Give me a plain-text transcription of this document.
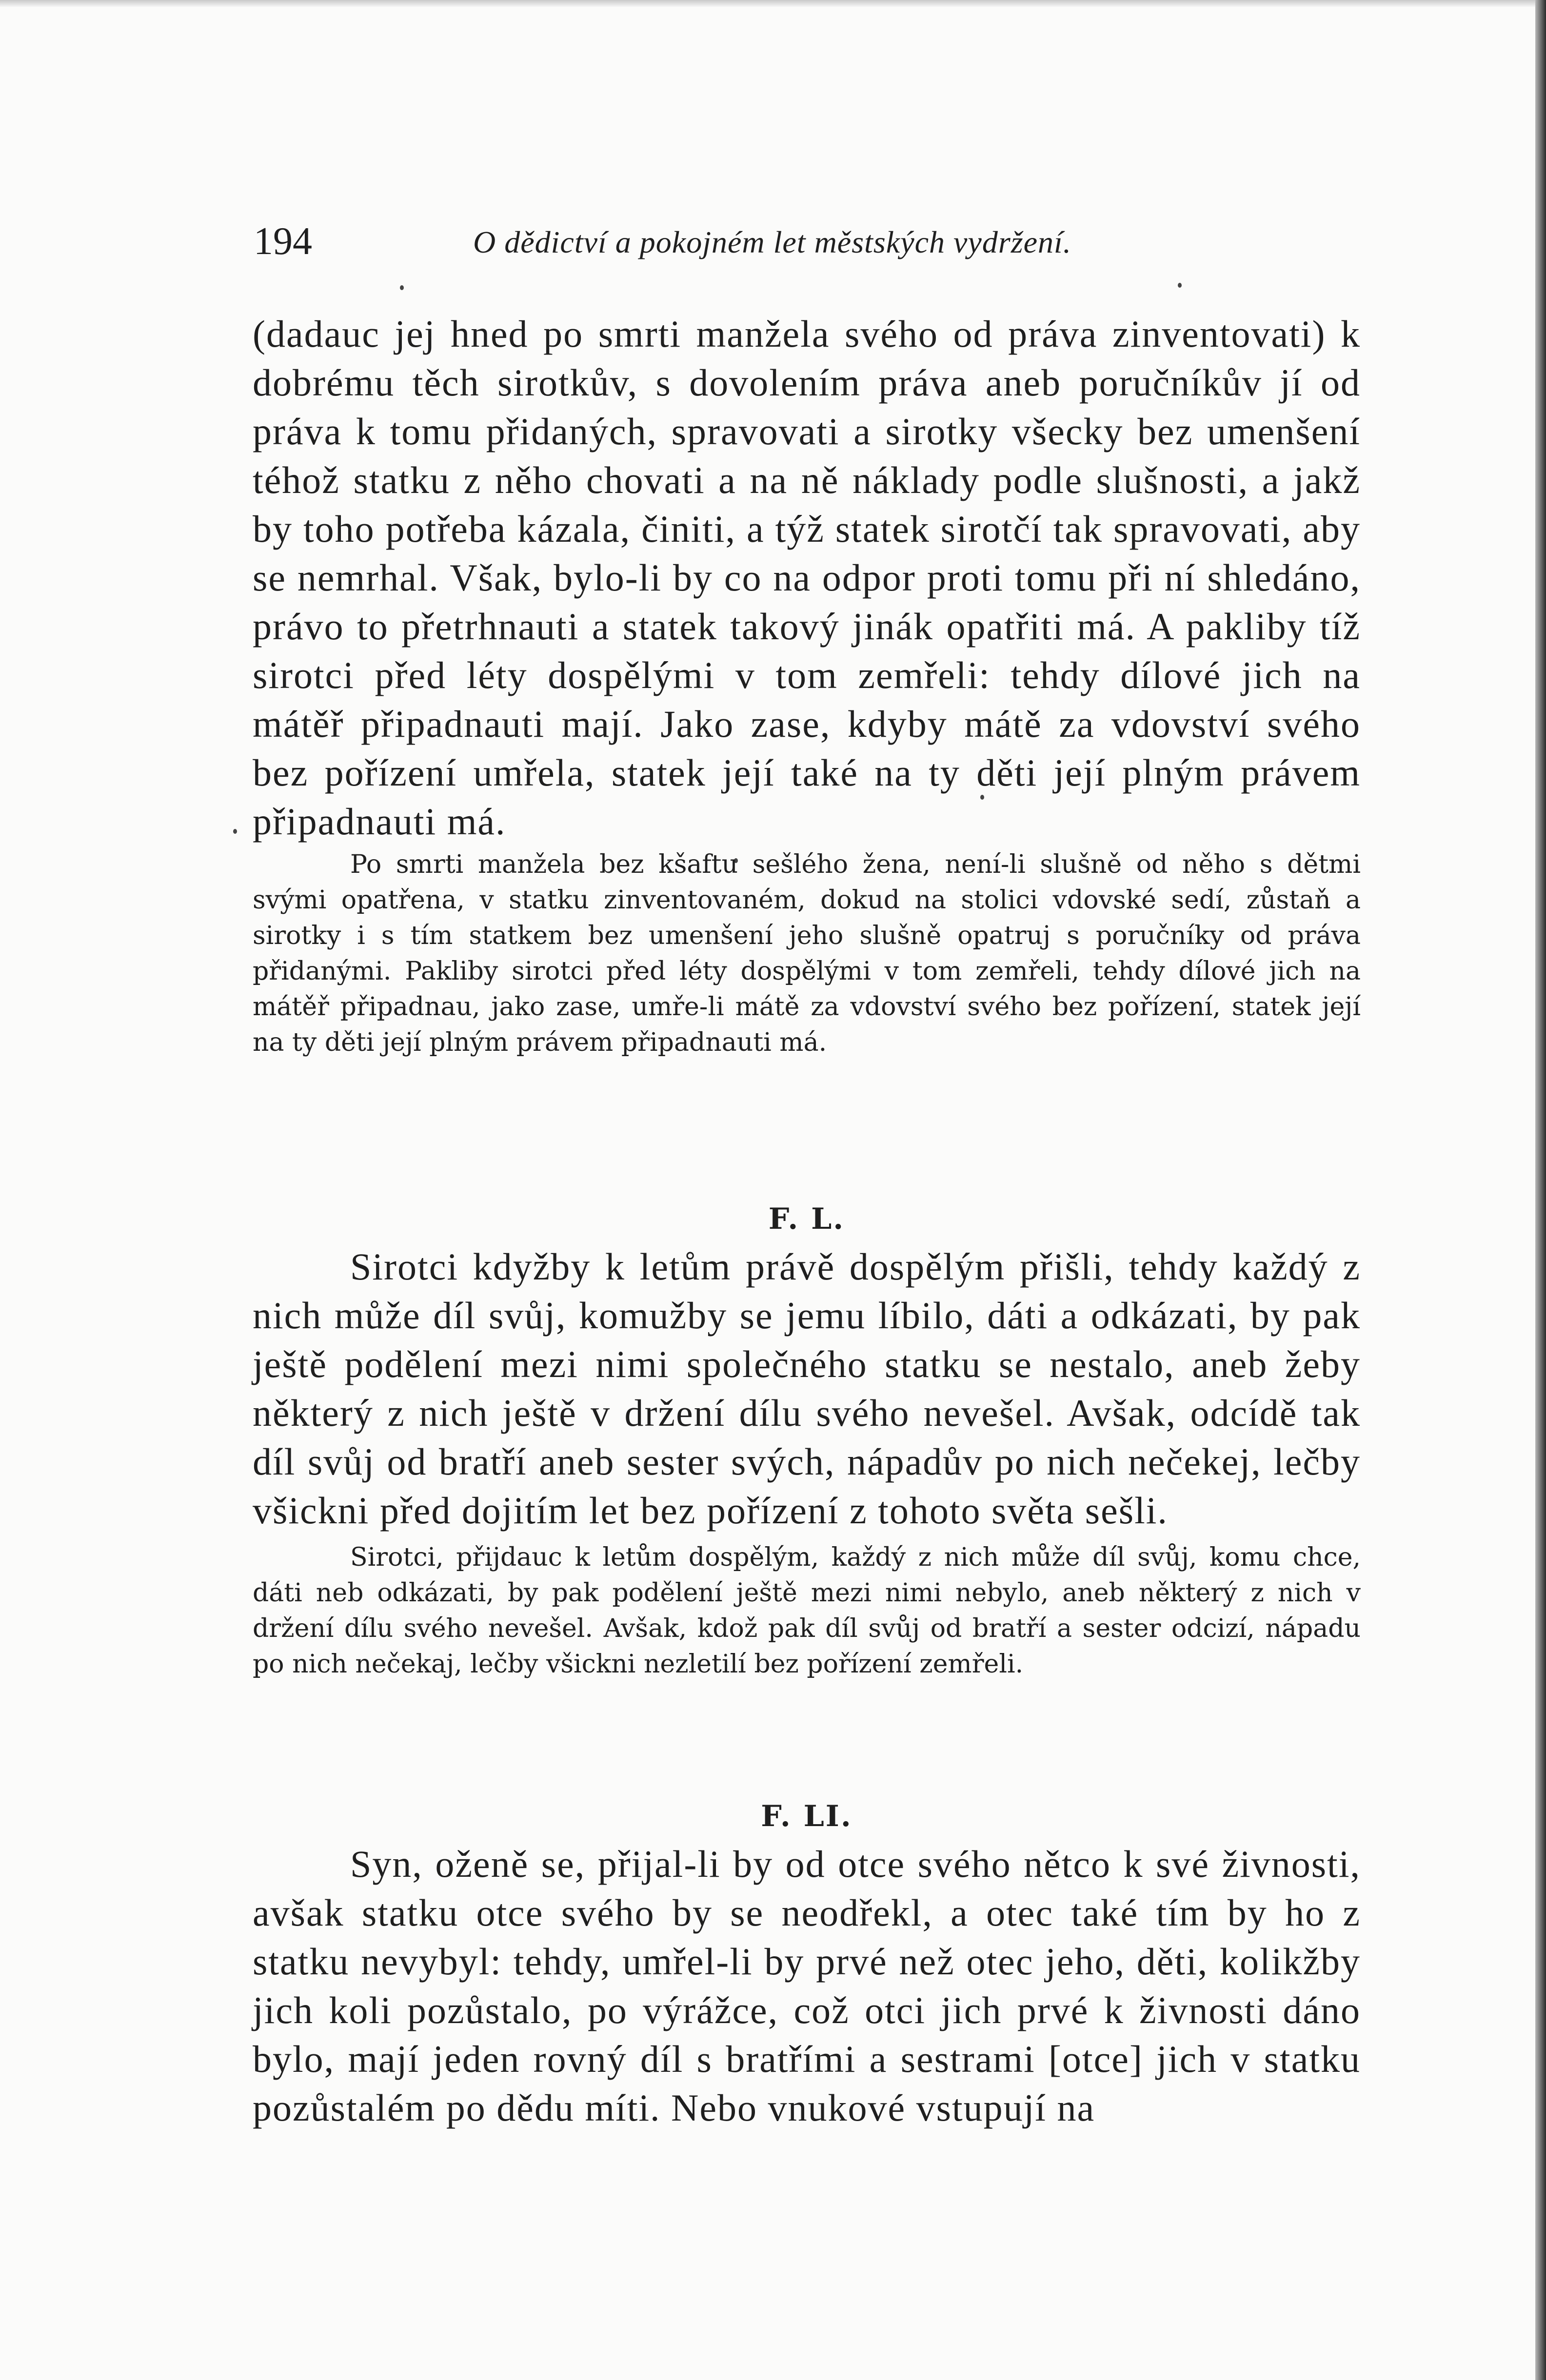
194	O dědictví a pokojném let městských vydržení.

(dadauc jej hned po smrti manžela svého od práva zinventovati) k dobrému těch sirotkův, s dovolením práva aneb poručníkův jí od práva k tomu přidaných, spravovati a sirotky všecky bez umenšení téhož statku z něho chovati a na ně náklady podle slušnosti, a jakž by toho potřeba kázala, činiti, a týž statek sirotčí tak spravovati, aby se nemrhal. Však, bylo-li by co na odpor proti tomu při ní shledáno, právo to přetrhnauti a statek takový jinák opatřiti má. A pakliby tíž sirotci před léty dospělými v tom zemřeli: tehdy dílové jich na mátěř připadnauti mají. Jako zase, kdyby mátě za vdovství svého bez pořízení umřela, statek její také na ty děti její plným právem připadnauti má.

Po smrti manžela bez kšaftu sešlého žena, není-li slušně od něho s dětmi svými opatřena, v statku zinventovaném, dokud na stolici vdovské sedí, zůstaň a sirotky i s tím statkem bez umenšení jeho slušně opatruj s poručníky od práva přidanými. Pakliby sirotci před léty dospělými v tom zemřeli, tehdy dílové jich na mátěř připadnau, jako zase, umře-li mátě za vdovství svého bez pořízení, statek její na ty děti její plným právem připadnauti má.

F. L.

Sirotci kdyžby k letům právě dospělým přišli, tehdy každý z nich může díl svůj, komužby se jemu líbilo, dáti a odkázati, by pak ještě podělení mezi nimi společného statku se nestalo, aneb žeby některý z nich ještě v držení dílu svého nevešel. Avšak, odcídě tak díl svůj od bratří aneb sester svých, nápadův po nich nečekej, lečby všickni před dojitím let bez pořízení z tohoto světa sešli.

Sirotci, přijdauc k letům dospělým, každý z nich může díl svůj, komu chce, dáti neb odkázati, by pak podělení ještě mezi nimi nebylo, aneb některý z nich v držení dílu svého nevešel. Avšak, kdož pak díl svůj od bratří a sester odcizí, nápadu po nich nečekaj, lečby všickni nezletilí bez pořízení zemřeli.

F. LI.

Syn, oženě se, přijal-li by od otce svého nětco k své živnosti, avšak statku otce svého by se neodřekl, a otec také tím by ho z statku nevybyl: tehdy, umřel-li by prvé než otec jeho, děti, kolikžby jich koli pozůstalo, po výrážce, což otci jich prvé k živnosti dáno bylo, mají jeden rovný díl s bratřími a sestrami [otce] jich v statku pozůstalém po dědu míti. Nebo vnukové vstupují na
